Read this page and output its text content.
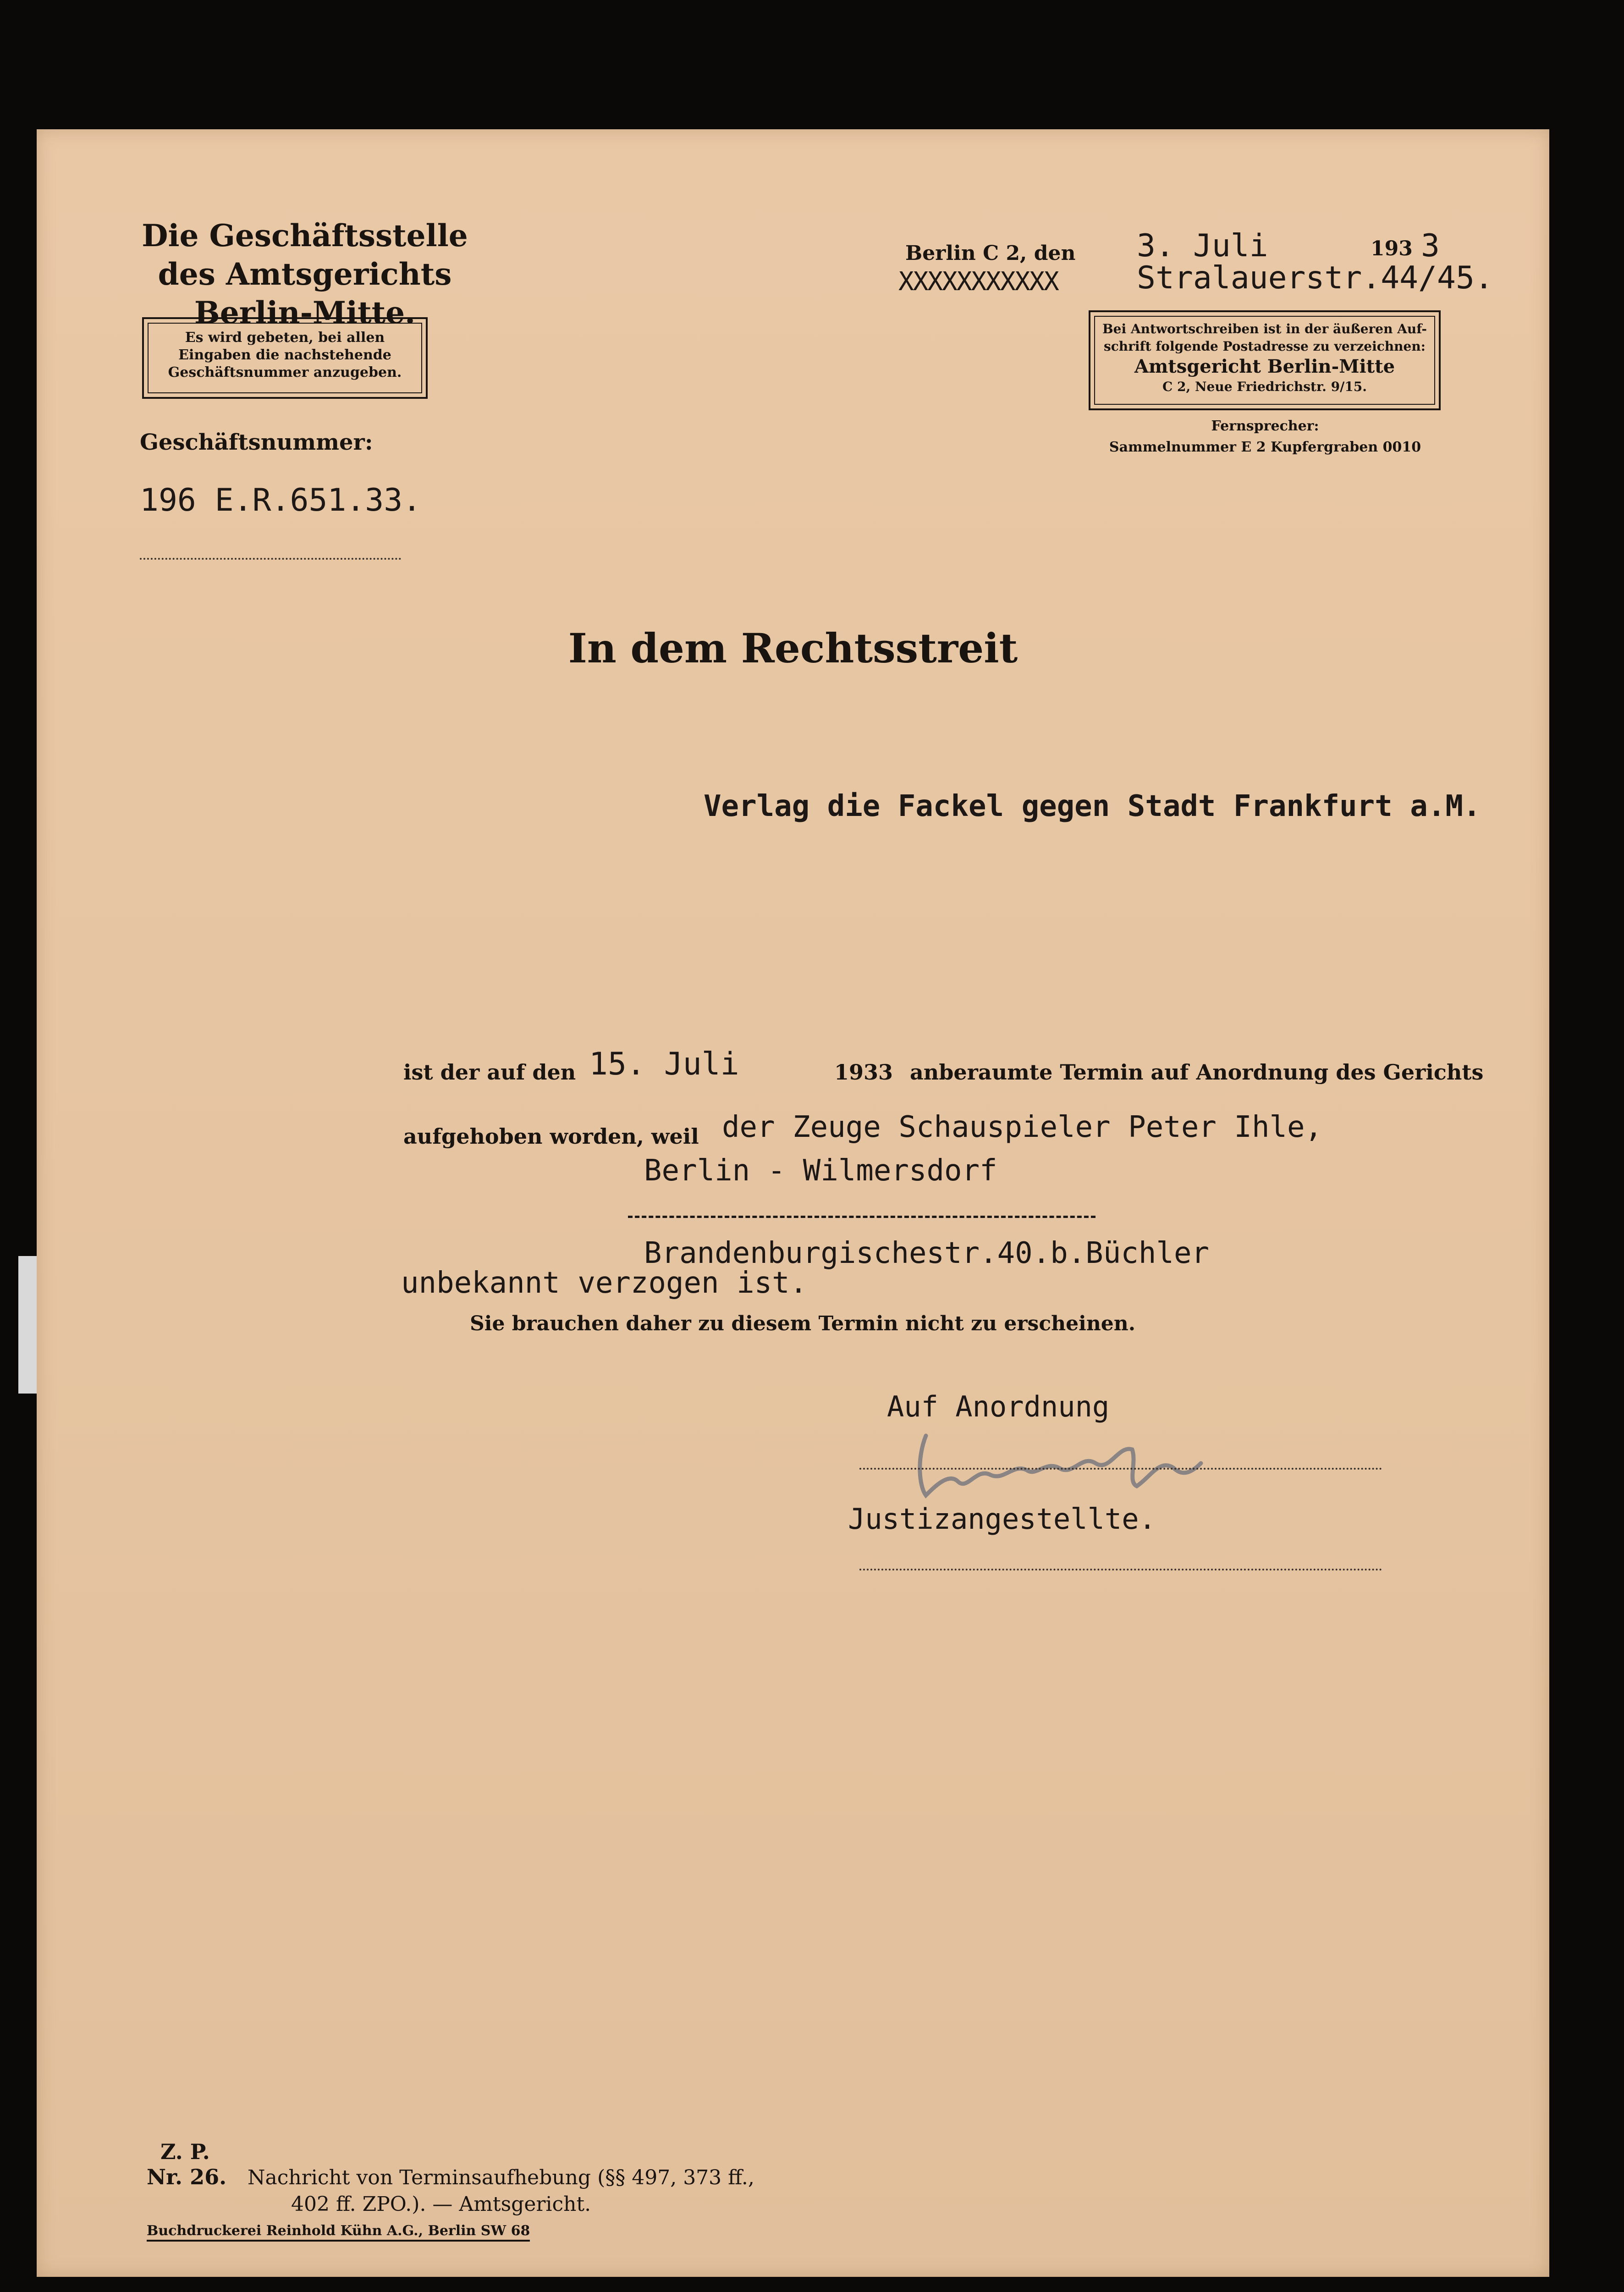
Die Geschäftsstelle des Amtsgerichts
Berlin-Mitte.
Es wird gebeten, bei allen
Eingaben die nachstehende
Geschäftsnummer anzugeben.
Geschäftsnummer:
196 E.R.651.33.
Berlin C 2, den 3. Juli	193 3
XXXXXXXXXXX	Stralauerstr.44/45.
Bei Antwortschreiben ist in der äußeren Auf-
schrift folgende Postadresse zu verzeichnen:
Amtsgericht Berlin-Mitte
C 2, Neue Friedrichstr. 9/15.
Fernsprecher:
Sammelnummer E 2 Kupfergraben 0010
In dem Rechtsstreit
Verlag die Fackel gegen Stadt Frankfurt a.M.
ist der auf den 15. Juli	1933 anberaumte Termin auf Anordnung des Gerichts
aufgehoben worden, weil der Zeuge Schauspieler Peter Ihle,
Berlin - Wilmersdorf
Brandenburgischestr.40.b.Büchler
unbekannt verzogen ist.
Sie brauchen daher zu diesem Termin nicht zu erscheinen.
Auf Anordnung
Justizangestellte.
Z. P.
Nr. 26. Nachricht von Terminsaufhebung (§§ 497, 373 ff.,
402 ff. ZPO.). — Amtsgericht.
Buchdruckerei Reinhold Kühn A.G., Berlin SW 68
